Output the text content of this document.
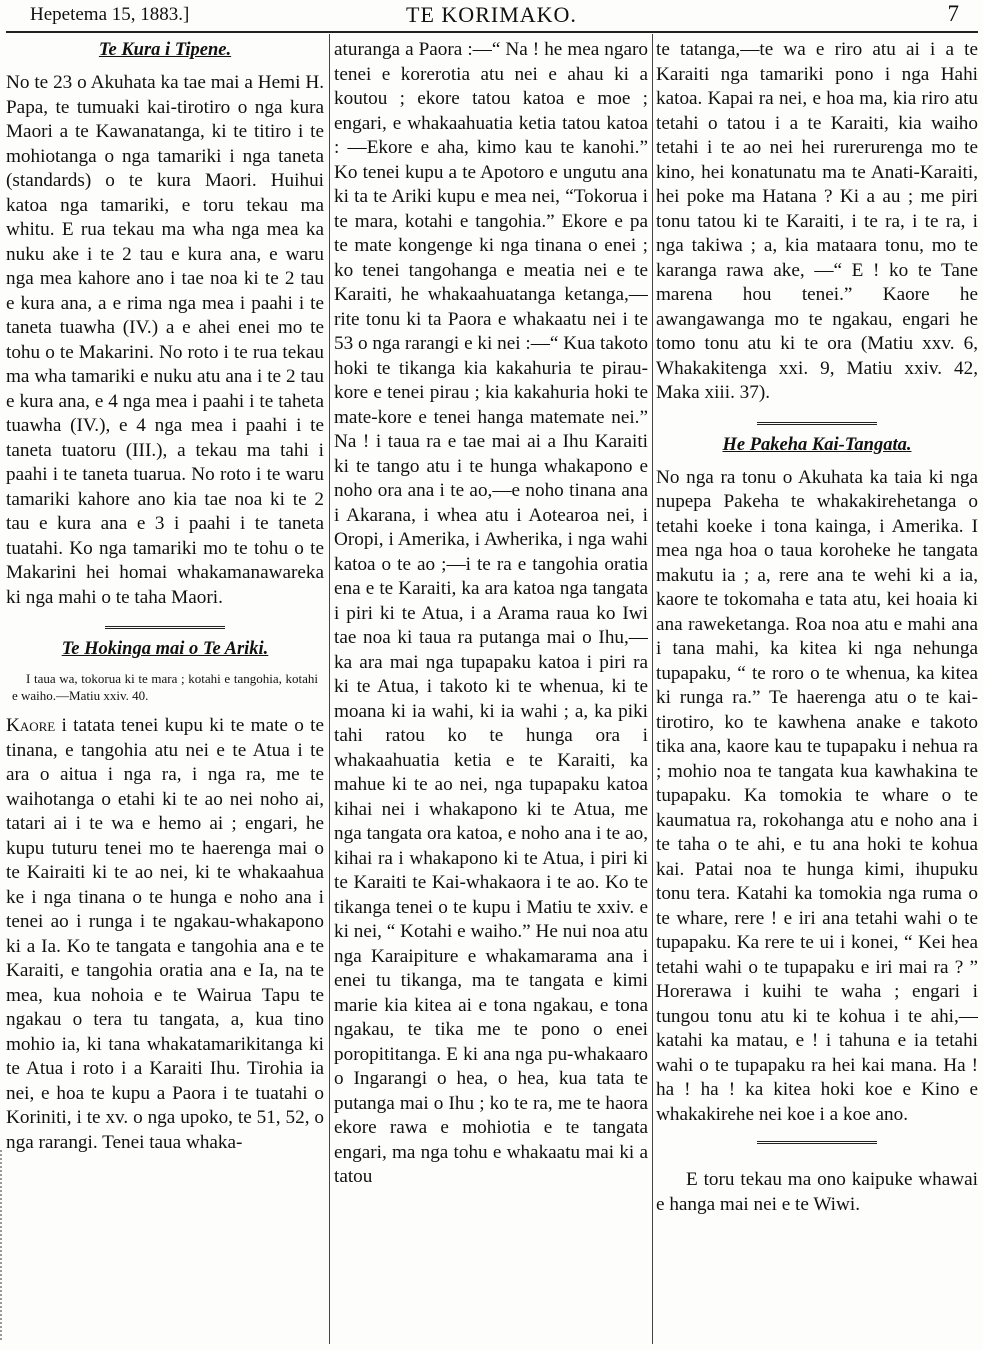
Hepetema 15, 1883.]	TE KORIMAKO.	7
Te Kura i Tipene.

No te 23 o Akuhata ka tae mai a Hemi H. Papa, te tumuaki kai-tirotiro o nga kura Maori a te Kawanatanga, ki te titiro i te mohiotanga o nga tamariki i nga taneta (standards) o te kura Maori. Huihui katoa nga tamariki, e toru tekau ma whitu. E rua tekau ma wha nga mea ka nuku ake i te 2 tau e kura ana, e waru nga mea kahore ano i tae noa ki te 2 tau e kura ana, a e rima nga mea i paahi i te taneta tuawha (IV.) a e ahei enei mo te tohu o te Makarini. No roto i te rua tekau ma wha tamariki e nuku atu ana i te 2 tau e kura ana, e 4 nga mea i paahi i te taheta tuawha (IV.), e 4 nga mea i paahi i te taneta tuatoru (III.), a tekau ma tahi i paahi i te taneta tuarua. No roto i te waru tamariki kahore ano kia tae noa ki te 2 tau e kura ana e 3 i paahi i te taneta tuatahi. Ko nga tamariki mo te tohu o te Makarini hei homai whakamanawareka ki nga mahi o te taha Maori.

Te Hokinga mai o Te Ariki.

I taua wa, tokorua ki te mara ; kotahi e tangohia, kotahi e waiho.—Matiu xxiv. 40.

Kaore i tatata tenei kupu ki te mate o te tinana, e tangohia atu nei e te Atua i te ara o aitua i nga ra, i nga ra, me te waihotanga o etahi ki te ao nei noho ai, tatari ai i te wa e hemo ai ; engari, he kupu tuturu tenei mo te haerenga mai o te Kairaiti ki te ao nei, ki te whakaahua ke i nga tinana o te hunga e noho ana i tenei ao i runga i te ngakau-whakapono ki a Ia. Ko te tangata e tangohia ana e te Karaiti, e tangohia oratia ana e Ia, na te mea, kua nohoia e te Wairua Tapu te ngakau o tera tu tangata, a, kua tino mohio ia, ki tana whakatamarikitanga ki te Atua i roto i a Karaiti Ihu. Tirohia ia nei, e hoa te kupu a Paora i te tuatahi o Koriniti, i te xv. o nga upoko, te 51, 52, o nga rarangi. Tenei taua whaka-

aturanga a Paora :—“ Na ! he mea ngaro tenei e korerotia atu nei e ahau ki a koutou ; ekore tatou katoa e moe ; engari, e whakaahuatia ketia tatou katoa : —Ekore e aha, kimo kau te kanohi.” Ko tenei kupu a te Apotoro e ungutu ana ki ta te Ariki kupu e mea nei, “Tokorua i te mara, kotahi e tangohia.” Ekore e pa te mate kongenge ki nga tinana o enei ; ko tenei tangohanga e meatia nei e te Karaiti, he whakaahuatanga ketanga,—rite tonu ki ta Paora e whakaatu nei i te 53 o nga rarangi e ki nei :—“ Kua takoto hoki te tikanga kia kakahuria te pirau-kore e tenei pirau ; kia kakahuria hoki te mate-kore e tenei hanga matemate nei.” Na ! i taua ra e tae mai ai a Ihu Karaiti ki te tango atu i te hunga whakapono e noho ora ana i te ao,—e noho tinana ana i Akarana, i whea atu i Aotearoa nei, i Oropi, i Amerika, i Awherika, i nga wahi katoa o te ao ;—i te ra e tangohia oratia ena e te Karaiti, ka ara katoa nga tangata i piri ki te Atua, i a Arama raua ko Iwi tae noa ki taua ra putanga mai o Ihu,—ka ara mai nga tupapaku katoa i piri ra ki te Atua, i takoto ki te whenua, ki te moana ki ia wahi, ki ia wahi ; a, ka piki tahi ratou ko te hunga ora i whakaahuatia ketia e te Karaiti, ka mahue ki te ao nei, nga tupapaku katoa kihai nei i whakapono ki te Atua, me nga tangata ora katoa, e noho ana i te ao, kihai ra i whakapono ki te Atua, i piri ki te Karaiti te Kai-whakaora i te ao. Ko te tikanga tenei o te kupu i Matiu te xxiv. e ki nei, “ Kotahi e waiho.” He nui noa atu nga Karaipiture e whakamarama ana i enei tu tikanga, ma te tangata e kimi marie kia kitea ai e tona ngakau, e tona ngakau, te tika me te pono o enei poropititanga. E ki ana nga pu-whakaaro o Ingarangi o hea, o hea, kua tata te putanga mai o Ihu ; ko te ra, me te haora ekore rawa e mohiotia e te tangata engari, ma nga tohu e whakaatu mai ki a tatou

te tatanga,—te wa e riro atu ai i a te Karaiti nga tamariki pono i nga Hahi katoa. Kapai ra nei, e hoa ma, kia riro atu tetahi o tatou i a te Karaiti, kia waiho tetahi i te ao nei hei rurerurenga mo te kino, hei konatunatu ma te Anati-Karaiti, hei poke ma Hatana ? Ki a au ; me piri tonu tatou ki te Karaiti, i te ra, i te ra, i nga takiwa ; a, kia mataara tonu, mo te karanga rawa ake, —“ E ! ko te Tane marena hou tenei.” Kaore he awangawanga mo te ngakau, engari he tomo tonu atu ki te ora (Matiu xxv. 6, Whakakitenga xxi. 9, Matiu xxiv. 42, Maka xiii. 37).

He Pakeha Kai-Tangata.

No nga ra tonu o Akuhata ka taia ki nga nupepa Pakeha te whakakirehetanga o tetahi koeke i tona kainga, i Amerika. I mea nga hoa o taua koroheke he tangata makutu ia ; a, rere ana te wehi ki a ia, kaore te tokomaha e tata atu, kei hoaia ki ana raweketanga. Roa noa atu e mahi ana i tana mahi, ka kitea ki nga nehunga tupapaku, “ te roro o te whenua, ka kitea ki runga ra.” Te haerenga atu o te kai-tirotiro, ko te kawhena anake e takoto tika ana, kaore kau te tupapaku i nehua ra ; mohio noa te tangata kua kawhakina te tupapaku. Ka tomokia te whare o te kaumatua ra, rokohanga atu e noho ana i te taha o te ahi, e tu ana hoki te kohua kai. Patai noa te hunga kimi, ihupuku tonu tera. Katahi ka tomokia nga ruma o te whare, rere ! e iri ana tetahi wahi o te tupapaku. Ka rere te ui i konei, “ Kei hea tetahi wahi o te tupapaku e iri mai ra ? ” Horerawa i kuihi te waha ; engari i tungou tonu atu ki te kohua i te ahi,—katahi ka matau, e ! i tahuna e ia tetahi wahi o te tupapaku ra hei kai mana. Ha ! ha ! ha ! ka kitea hoki koe e Kino e whakakirehe nei koe i a koe ano.

E toru tekau ma ono kaipuke whawai e hanga mai nei e te Wiwi.
